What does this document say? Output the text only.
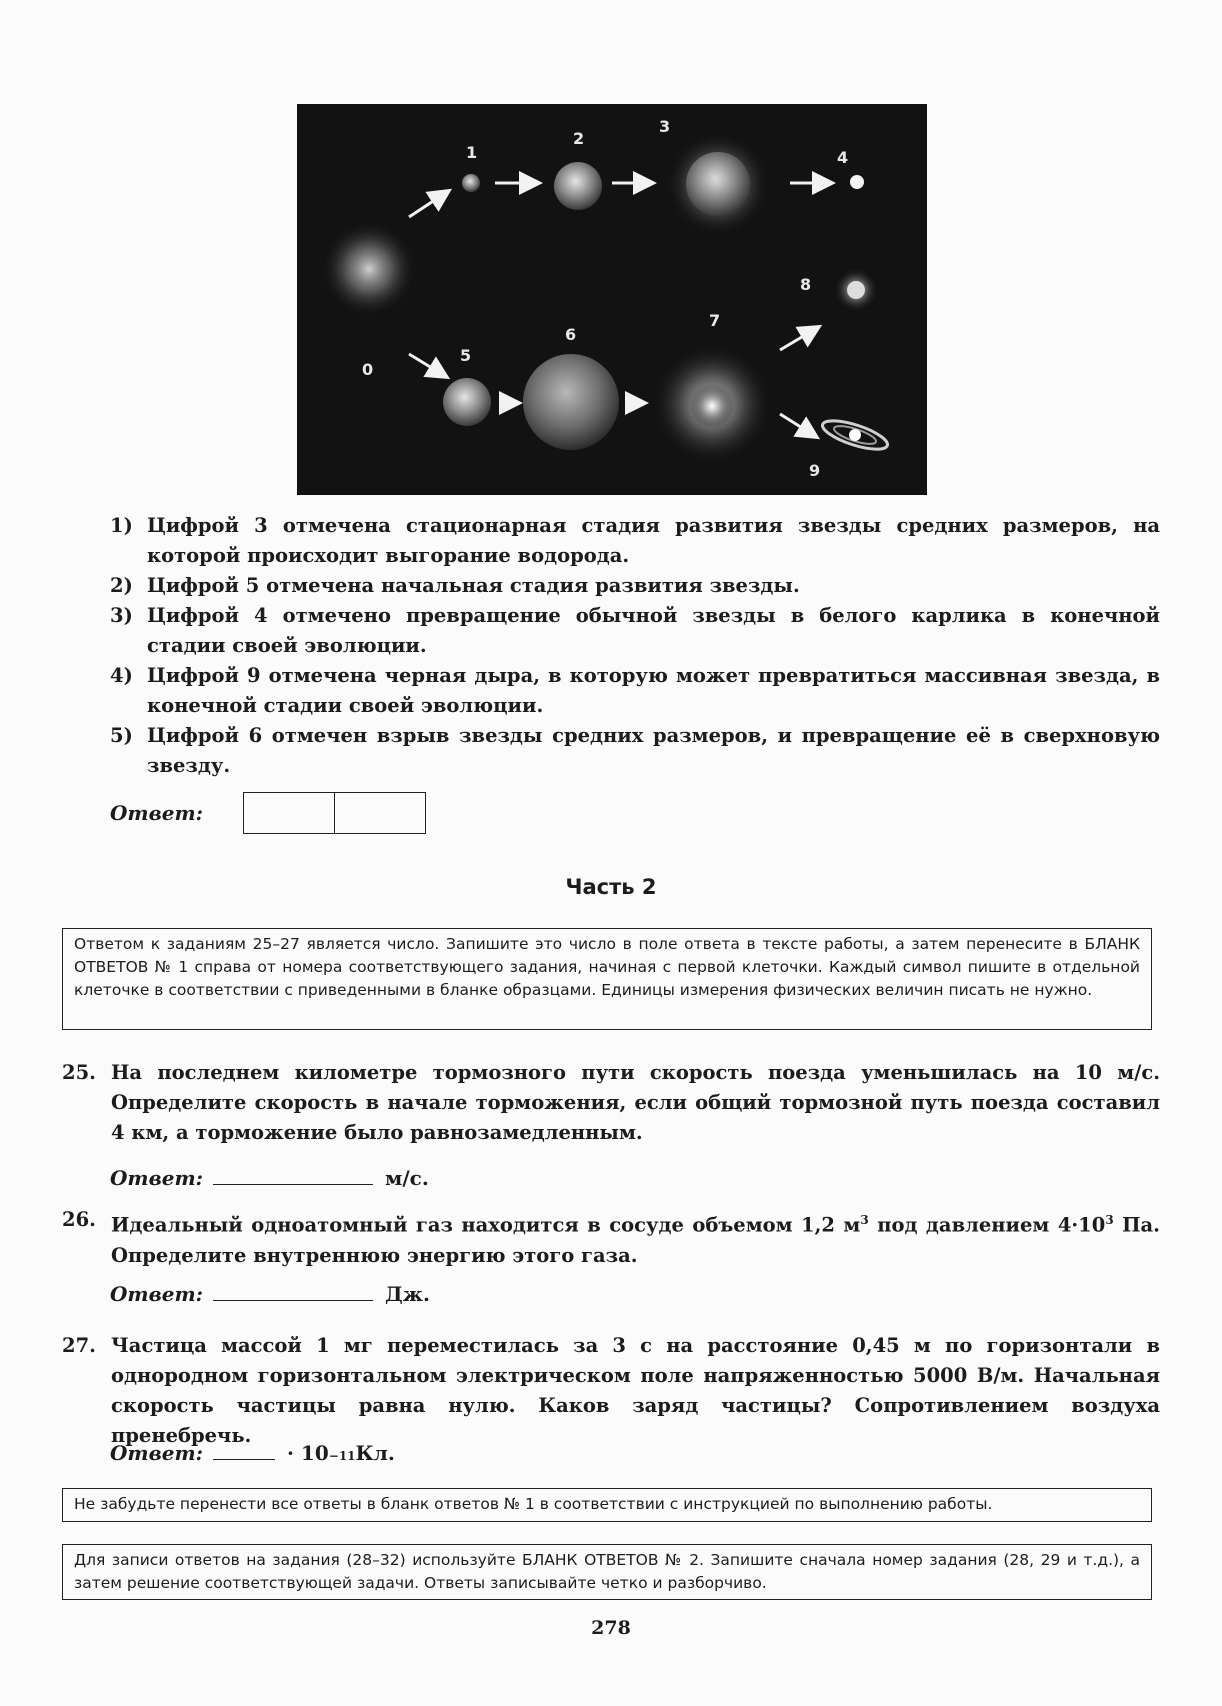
0
1
2
3
4
5
6
7
8
9
1) Цифрой 3 отмечена стационарная стадия развития звезды средних размеров, на которой происходит выгорание водорода.
2) Цифрой 5 отмечена начальная стадия развития звезды.
3) Цифрой 4 отмечено превращение обычной звезды в белого карлика в конечной стадии своей эволюции.
4) Цифрой 9 отмечена черная дыра, в которую может превратиться массивная звезда, в конечной стадии своей эволюции.
5) Цифрой 6 отмечен взрыв звезды средних размеров, и превращение её в сверхновую звезду.
Ответ:
Часть 2
Ответом к заданиям 25–27 является число. Запишите это число в поле ответа в тексте работы, а затем перенесите в БЛАНК ОТВЕТОВ № 1 справа от номера соответствующего задания, начиная с первой клеточки. Каждый символ пишите в отдельной клеточке в соответствии с приведенными в бланке образцами. Единицы измерения физических величин писать не нужно.
25. На последнем километре тормозного пути скорость поезда уменьшилась на 10 м/с. Определите скорость в начале торможения, если общий тормозной путь поезда составил 4 км, а торможение было равнозамедленным.
Ответ:	м/с.
26. Идеальный одноатомный газ находится в сосуде объемом 1,2 $м^3$ под давлением $4\cdot 10^3$ Па. Определите внутреннюю энергию этого газа.
Ответ:	Дж.
27. Частица массой 1 мг переместилась за 3 с на расстояние 0,45 м по горизонтали в однородном горизонтальном электрическом поле напряженностью 5000 В/м. Начальная скорость частицы равна нулю. Каков заряд частицы? Сопротивлением воздуха пренебречь.
Ответ:	· 10 −11 Кл.
Не забудьте перенести все ответы в бланк ответов № 1 в соответствии с инструкцией по выполнению работы.
Для записи ответов на задания (28–32) используйте БЛАНК ОТВЕТОВ № 2. Запишите сначала номер задания (28, 29 и т.д.), а затем решение соответствующей задачи. Ответы записывайте четко и разборчиво.
278
